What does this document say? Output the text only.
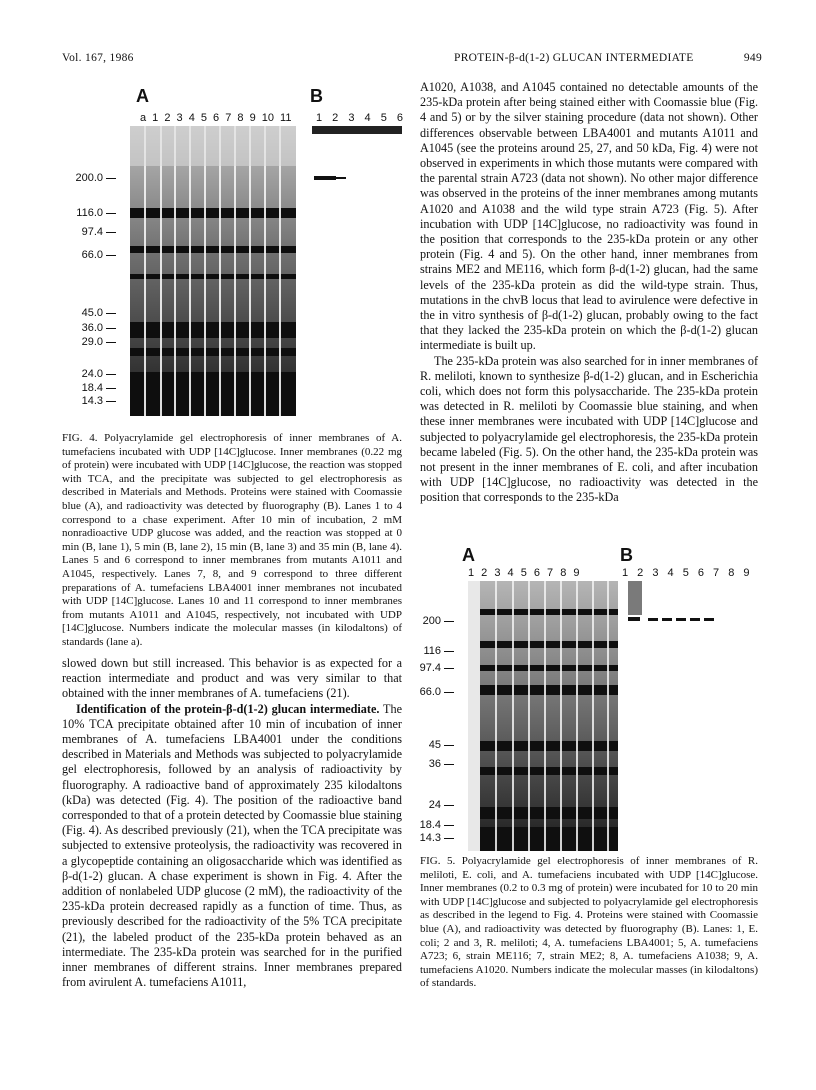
Vol. 167, 1986	PROTEIN-β-d(1-2) GLUCAN INTERMEDIATE	949
A	B
a 1 2 3 4 5 6 7 8 9 10 11 1 2 3 4 5 6
200.0
116.0
97.4
66.0
45.0
36.0
29.0
24.0
18.4
14.3

FIG. 4. Polyacrylamide gel electrophoresis of inner membranes of A. tumefaciens incubated with UDP [14C]glucose. Inner membranes (0.22 mg of protein) were incubated with UDP [14C]glucose, the reaction was stopped with TCA, and the precipitate was subjected to gel electrophoresis as described in Materials and Methods. Proteins were stained with Coomassie blue (A), and radioactivity was detected by fluorography (B). Lanes 1 to 4 correspond to a chase experiment. After 10 min of incubation, 2 mM nonradioactive UDP glucose was added, and the reaction was stopped at 0 min (B, lane 1), 5 min (B, lane 2), 15 min (B, lane 3) and 35 min (B, lane 4). Lanes 5 and 6 correspond to inner membranes from mutants A1011 and A1045, respectively. Lanes 7, 8, and 9 correspond to three different preparations of A. tumefaciens LBA4001 inner membranes not incubated with UDP [14C]glucose. Lanes 10 and 11 correspond to inner membranes from mutants A1011 and A1045, respectively, not incubated with UDP [14C]glucose. Numbers indicate the molecular masses (in kilodaltons) of standards (lane a).

slowed down but still increased. This behavior is as expected for a reaction intermediate and product and was very similar to that obtained with the inner membranes of A. tumefaciens (21).

Identification of the protein-β-d(1-2) glucan intermediate. The 10% TCA precipitate obtained after 10 min of incubation of inner membranes of A. tumefaciens LBA4001 under the conditions described in Materials and Methods was subjected to polyacrylamide gel electrophoresis, followed by an analysis of radioactivity by fluorography. A radioactive band of approximately 235 kilodaltons (kDa) was detected (Fig. 4). The position of the radioactive band corresponded to that of a protein detected by Coomassie blue staining (Fig. 4). As described previously (21), when the TCA precipitate was subjected to extensive proteolysis, the radioactivity was recovered in a glycopeptide containing an oligosaccharide which was identified as β-d(1-2) glucan. A chase experiment is shown in Fig. 4. After the addition of nonlabeled UDP glucose (2 mM), the radioactivity of the 235-kDa protein decreased rapidly as a function of time. Thus, as previously described for the radioactivity of the 5% TCA precipitate (21), the labeled product of the 235-kDa protein behaved as an intermediate. The 235-kDa protein was searched for in the purified inner membranes of different strains. Inner membranes prepared from avirulent A. tumefaciens A1011,

A1020, A1038, and A1045 contained no detectable amounts of the 235-kDa protein after being stained either with Coomassie blue (Fig. 4 and 5) or by the silver staining procedure (data not shown). Other differences observable between LBA4001 and mutants A1011 and A1045 (see the proteins around 25, 27, and 50 kDa, Fig. 4) were not observed in experiments in which those mutants were compared with the parental strain A723 (data not shown). No other major difference was observed in the proteins of the inner membranes among mutants A1020 and A1038 and the wild type strain A723 (Fig. 5). After incubation with UDP [14C]glucose, no radioactivity was found in the position that corresponds to the 235-kDa protein or any other protein (Fig. 4 and 5). On the other hand, inner membranes from strains ME2 and ME116, which form β-d(1-2) glucan, had the same levels of the 235-kDa protein as did the wild-type strain. Thus, mutations in the chvB locus that lead to avirulence were defective in the in vitro synthesis of β-d(1-2) glucan, probably owing to the fact that they lacked the 235-kDa protein on which the β-d(1-2) glucan intermediate is built up.

The 235-kDa protein was also searched for in inner membranes of R. meliloti, known to synthesize β-d(1-2) glucan, and in Escherichia coli, which does not form this polysaccharide. The 235-kDa protein was detected in R. meliloti by Coomassie blue staining, and when these inner membranes were incubated with UDP [14C]glucose and subjected to polyacrylamide gel electrophoresis, the 235-kDa protein became labeled (Fig. 5). On the other hand, the 235-kDa protein was not present in the inner membranes of E. coli, and after incubation with UDP [14C]glucose, no radioactivity was detected in the position that corresponds to the 235-kDa

A	B
1 2 3 4 5 6 7 8 9	1 2 3 4 5 6 7 8 9
200
116
97.4
66.0
45
36
24
18.4
14.3

FIG. 5. Polyacrylamide gel electrophoresis of inner membranes of R. meliloti, E. coli, and A. tumefaciens incubated with UDP [14C]glucose. Inner membranes (0.2 to 0.3 mg of protein) were incubated for 10 to 20 min with UDP [14C]glucose and subjected to polyacrylamide gel electrophoresis as described in the legend to Fig. 4. Proteins were stained with Coomassie blue (A), and radioactivity was detected by fluorography (B). Lanes: 1, E. coli; 2 and 3, R. meliloti; 4, A. tumefaciens LBA4001; 5, A. tumefaciens A723; 6, strain ME116; 7, strain ME2; 8, A. tumefaciens A1038; 9, A. tumefaciens A1020. Numbers indicate the molecular masses (in kilodaltons) of standards.
